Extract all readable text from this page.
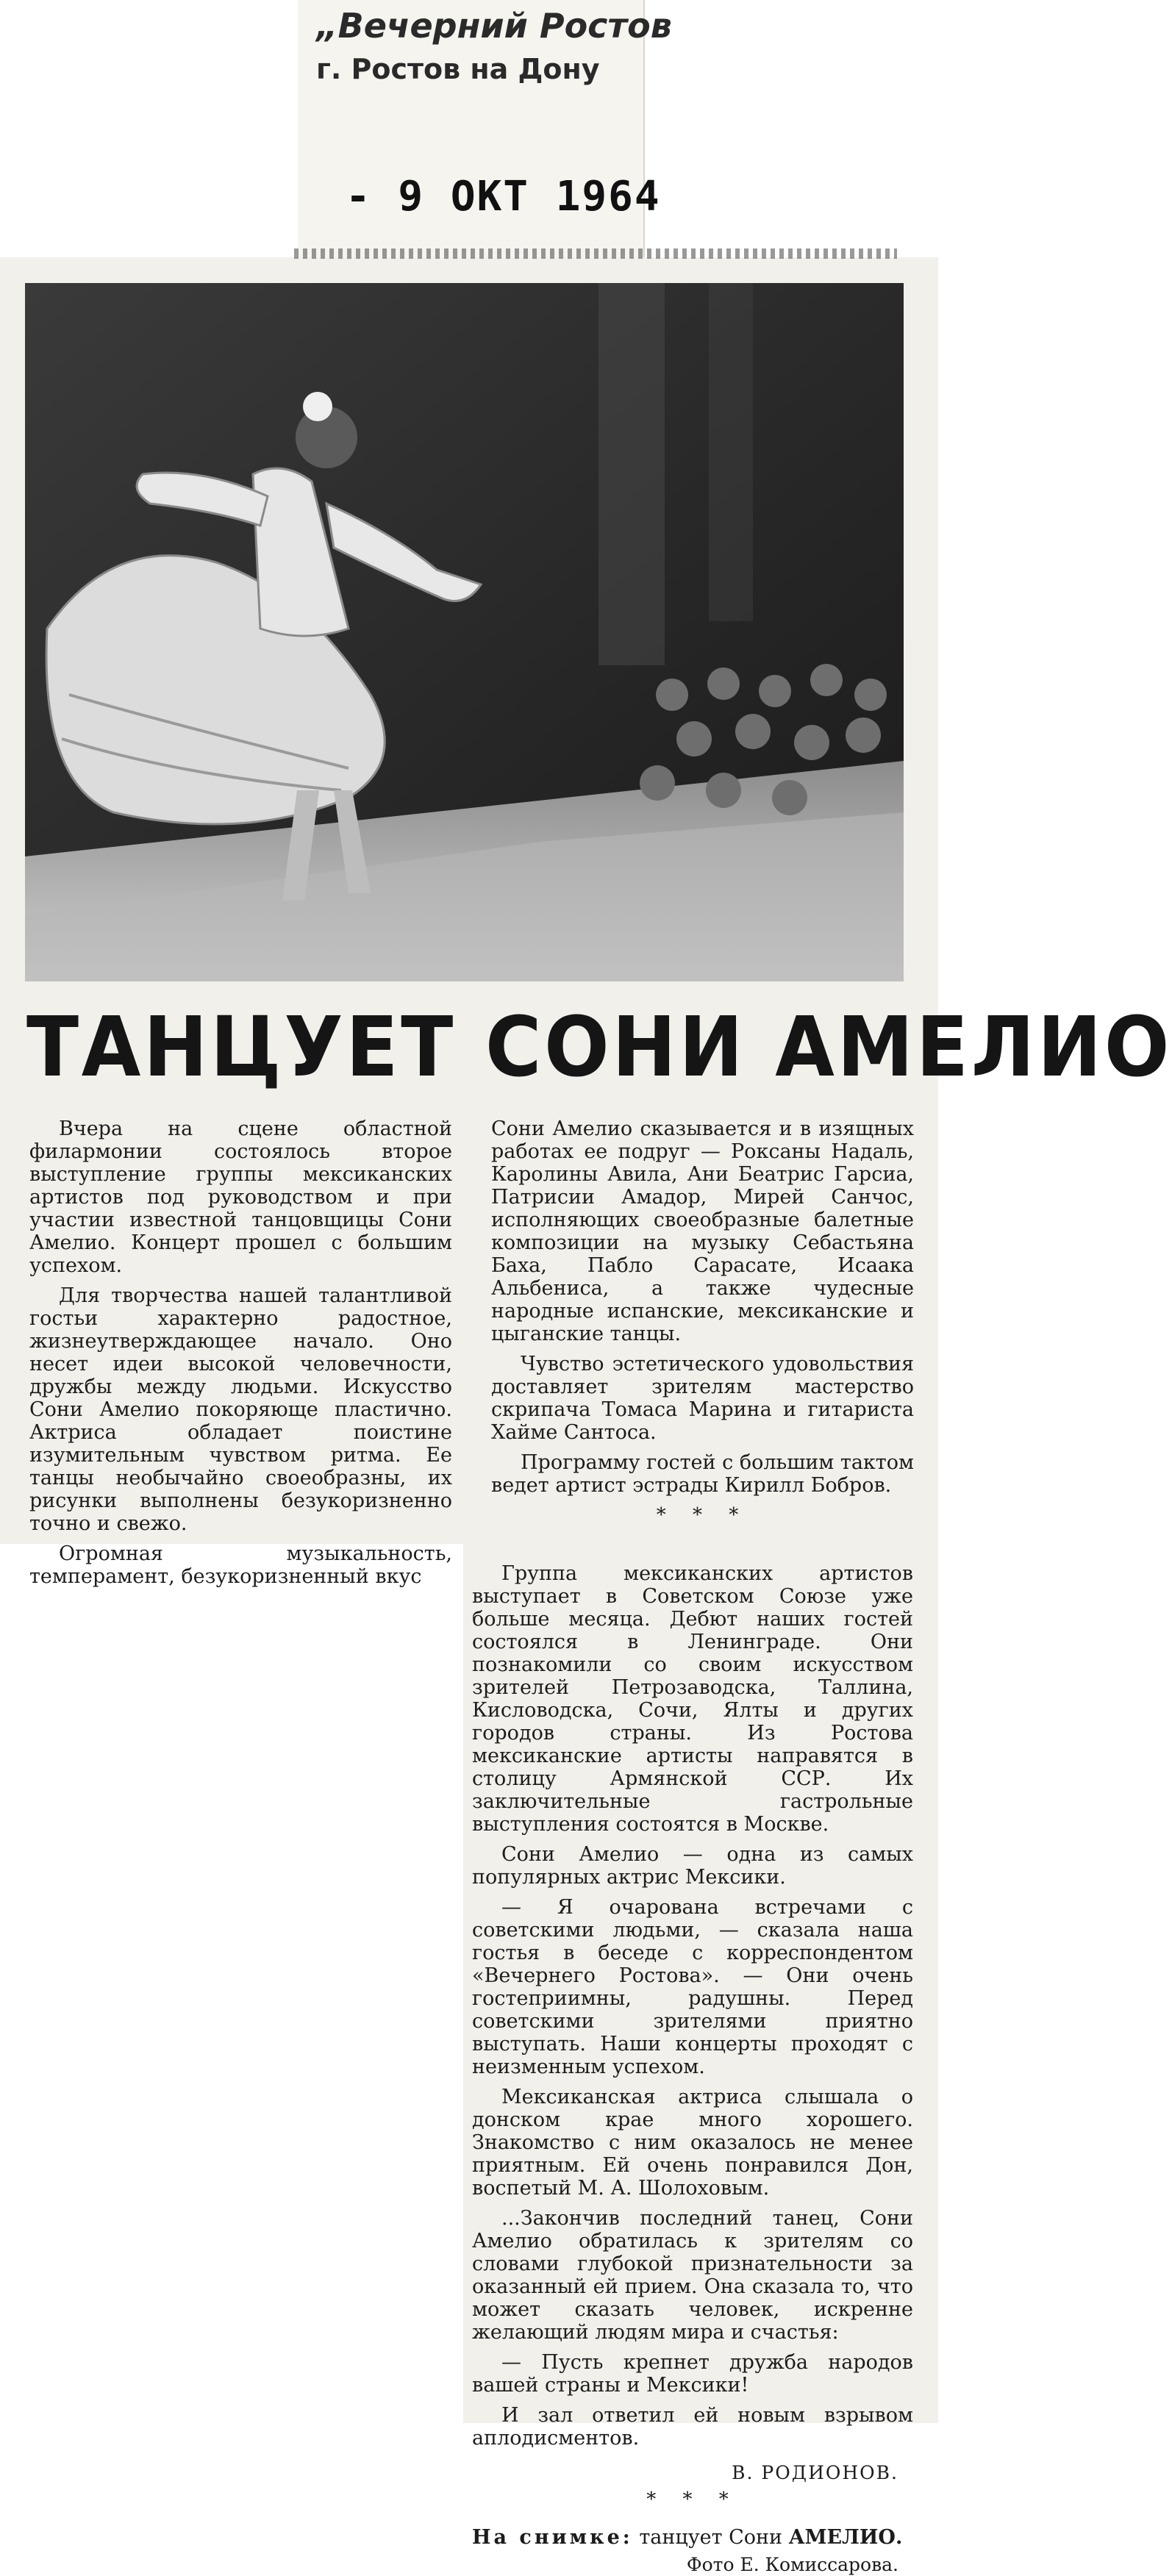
„Вечерний Ростов
г. Ростов на Дону
- 9 ОКТ 1964
ТАНЦУЕТ СОНИ АМЕЛИО

Вчера на сцене областной филармонии состоялось второе выступление группы мексиканских артистов под руководством и при участии известной танцовщицы Сони Амелио. Концерт прошел с большим успехом.

Для творчества нашей талантливой гостьи характерно радостное, жизнеутверждающее начало. Оно несет идеи высокой человечности, дружбы между людьми. Искусство Сони Амелио покоряюще пластично. Актриса обладает поистине изумительным чувством ритма. Ее танцы необычайно своеобразны, их рисунки выполнены безукоризненно точно и свежо.

Огромная музыкальность, темперамент, безукоризненный вкус

Сони Амелио сказывается и в изящных работах ее подруг — Роксаны Надаль, Каролины Авила, Ани Беатрис Гарсиа, Патрисии Амадор, Мирей Санчос, исполняющих своеобразные балетные композиции на музыку Себастьяна Баха, Пабло Сарасате, Исаака Альбениса, а также чудесные народные испанские, мексиканские и цыганские танцы.

Чувство эстетического удовольствия доставляет зрителям мастерство скрипача Томаса Марина и гитариста Хайме Сантоса.

Программу гостей с большим тактом ведет артист эстрады Кирилл Бобров.

* * *

Группа мексиканских артистов выступает в Советском Союзе уже больше месяца. Дебют наших гостей состоялся в Ленинграде. Они познакомили со своим искусством зрителей Петрозаводска, Таллина, Кисловодска, Сочи, Ялты и других городов страны. Из Ростова мексиканские артисты направятся в столицу Армянской ССР. Их заключительные гастрольные выступления состоятся в Москве.

Сони Амелио — одна из самых популярных актрис Мексики.

— Я очарована встречами с советскими людьми, — сказала наша гостья в беседе с корреспондентом «Вечернего Ростова». — Они очень гостеприимны, радушны. Перед советскими зрителями приятно выступать. Наши концерты проходят с неизменным успехом.

Мексиканская актриса слышала о донском крае много хорошего. Знакомство с ним оказалось не менее приятным. Ей очень понравился Дон, воспетый М. А. Шолоховым.

...Закончив последний танец, Сони Амелио обратилась к зрителям со словами глубокой признательности за оказанный ей прием. Она сказала то, что может сказать человек, искренне желающий людям мира и счастья:

— Пусть крепнет дружба народов вашей страны и Мексики!

И зал ответил ей новым взрывом аплодисментов.

В. РОДИОНОВ.
* * *
На снимке: танцует Сони АМЕЛИО.
Фото Е. Комиссарова.
